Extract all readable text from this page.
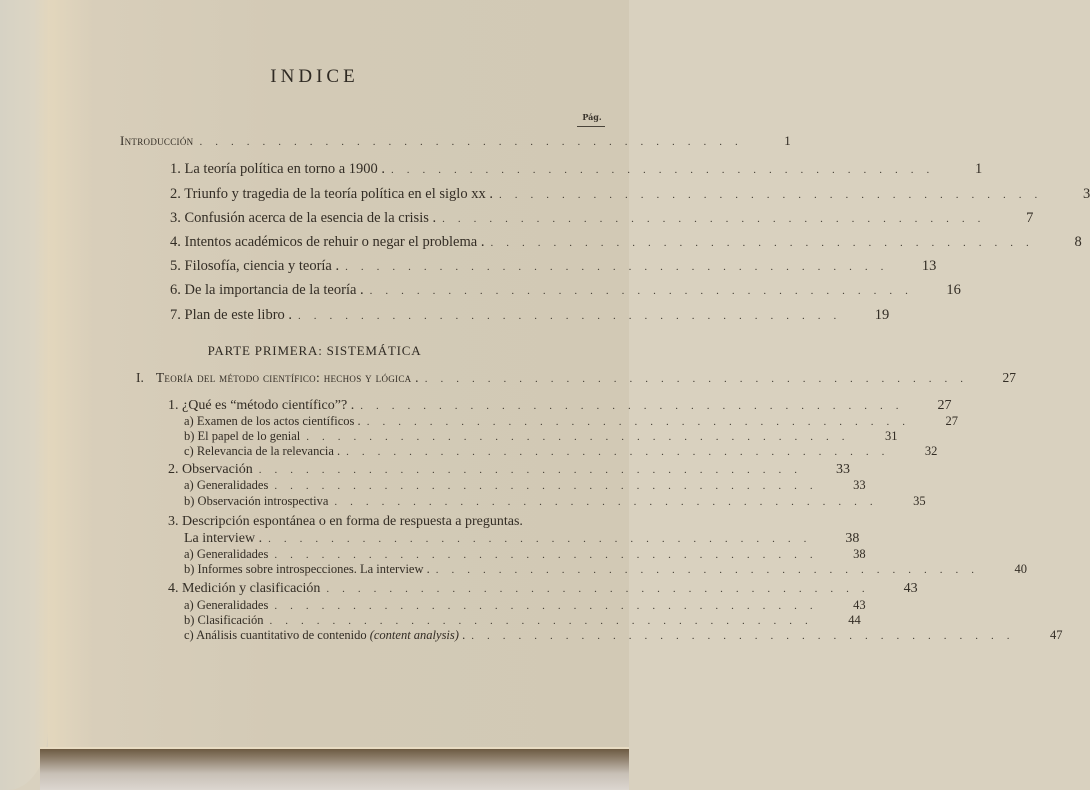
INDICE
Pág.
Introducción ...................................	1
1. La teoría política en torno a 1900 . ...................................	1
2. Triunfo y tragedia de la teoría política en el siglo xx . ...................................	3
3. Confusión acerca de la esencia de la crisis . ...................................	7
4. Intentos académicos de rehuir o negar el problema . ...................................	8
5. Filosofía, ciencia y teoría . ...................................	13
6. De la importancia de la teoría . ...................................	16
7. Plan de este libro . ...................................	19
PARTE PRIMERA: SISTEMÁTICA
I. Teoría del método científico: hechos y lógica . ...................................	27
1. ¿Qué es “método científico”? . ...................................	27
a) Examen de los actos científicos . ...................................	27
b) El papel de lo genial ...................................	31
c) Relevancia de la relevancia . ...................................	32
2. Observación ...................................	33
a) Generalidades ...................................	33
b) Observación introspectiva ...................................	35
3. Descripción espontánea o en forma de respuesta a preguntas.
La interview . ...................................	38
a) Generalidades ...................................	38
b) Informes sobre introspecciones. La interview . ...................................	40
4. Medición y clasificación ...................................	43
a) Generalidades ...................................	43
b) Clasificación ...................................	44
c) Análisis cuantitativo de contenido (content analysis) . ...................................	47
